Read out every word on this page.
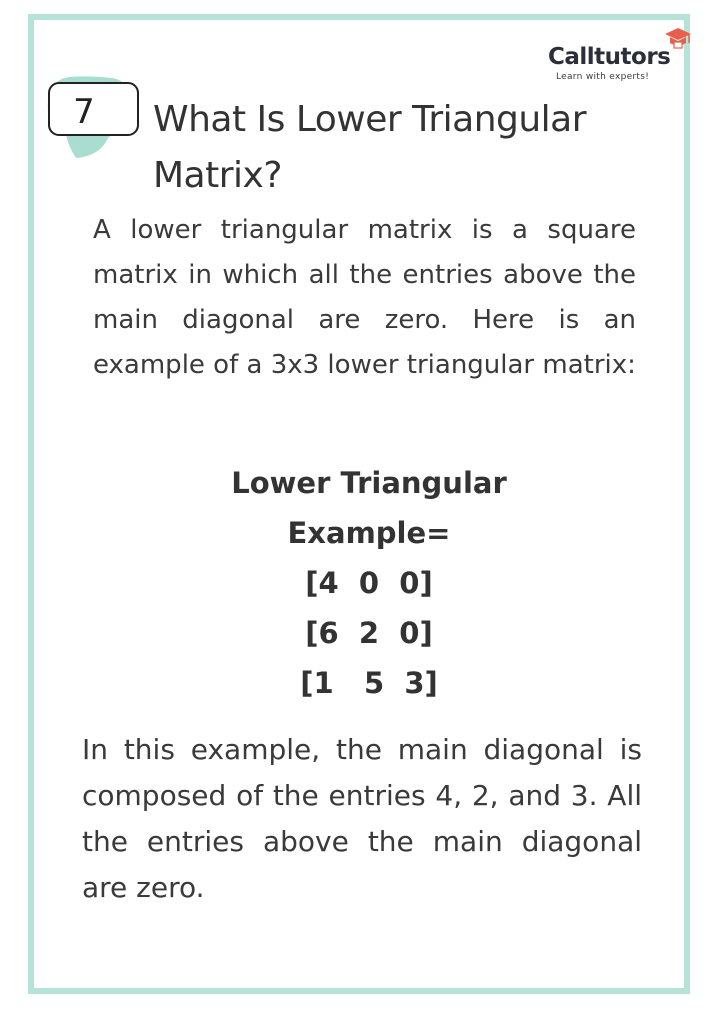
Calltutors
Learn with experts!
7 What Is Lower Triangular Matrix?

A lower triangular matrix is a square matrix in which all the entries above the main diagonal are zero. Here is an example of a 3x3 lower triangular matrix:

Lower Triangular
Example=
[4  0  0]
[6  2  0]
[1   5  3]

In this example, the main diagonal is composed of the entries 4, 2, and 3. All the entries above the main diagonal are zero.
